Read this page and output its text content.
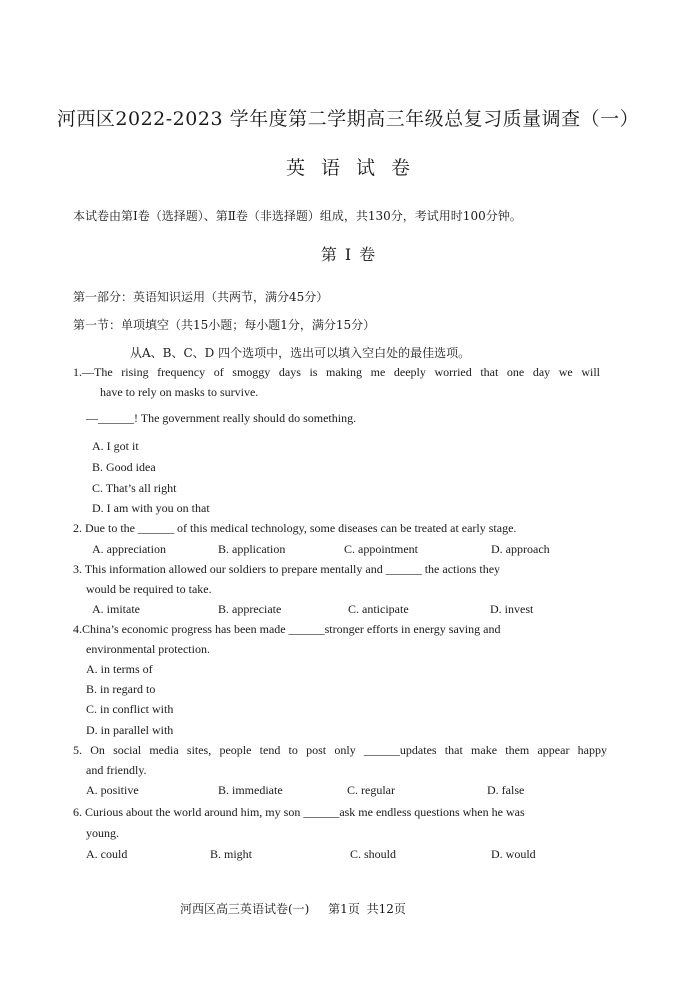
河西区2022-2023 学年度第二学期高三年级总复习质量调查（一）
英语试卷
本试卷由第Ⅰ卷（选择题）、第Ⅱ卷（非选择题）组成，共130分，考试用时100分钟。
第Ⅰ卷
第一部分：英语知识运用（共两节，满分45分）
第一节：单项填空（共15小题；每小题1分，满分15分）
从A、B、C、D 四个选项中，选出可以填入空白处的最佳选项。
1.—The rising frequency of smoggy days is making me deeply worried that one day we will
have to rely on masks to survive.
—______! The government really should do something.
A. I got it
B. Good idea
C. That’s all right
D. I am with you on that
2. Due to the ______ of this medical technology, some diseases can be treated at early stage.
A. appreciation	B. application	C. appointment	D. approach
3. This information allowed our soldiers to prepare mentally and ______ the actions they
would be required to take.
A. imitate	B. appreciate	C. anticipate	D. invest
4.China’s economic progress has been made ______stronger efforts in energy saving and
environmental protection.
A. in terms of
B. in regard to
C. in conflict with
D. in parallel with
5. On social media sites, people tend to post only ______updates that make them appear happy
and friendly.
A. positive	B. immediate	C. regular	D. false
6. Curious about the world around him, my son ______ask me endless questions when he was
young.
A. could	B. might	C. should	D. would
河西区高三英语试卷(一)　 第1页 共12页
